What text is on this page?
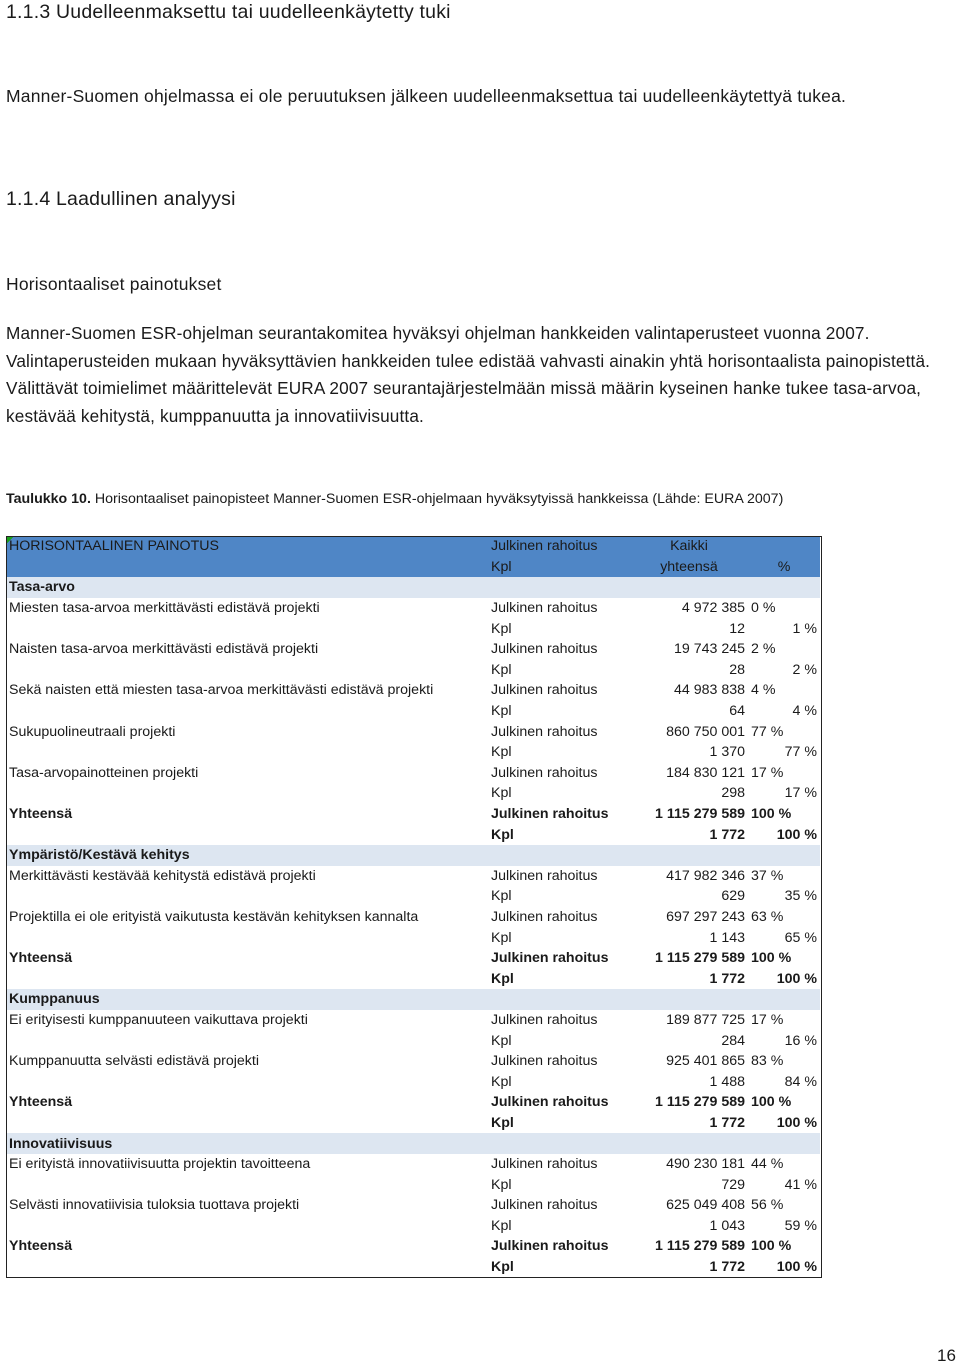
1.1.3 Uudelleenmaksettu tai uudelleenkäytetty tuki
Manner-Suomen ohjelmassa ei ole peruutuksen jälkeen uudelleenmaksettua tai uudelleenkäytettyä tukea.
1.1.4 Laadullinen analyysi
Horisontaaliset painotukset
Manner-Suomen ESR-ohjelman seurantakomitea hyväksyi ohjelman hankkeiden valintaperusteet vuonna 2007. Valintaperusteiden mukaan hyväksyttävien hankkeiden tulee edistää vahvasti ainakin yhtä horisontaalista painopistettä. Välittävät toimielimet määrittelevät EURA 2007 seurantajärjestelmään missä määrin kyseinen hanke tukee tasa-arvoa, kestävää kehitystä, kumppanuutta ja innovatiivisuutta.
Taulukko 10. Horisontaaliset painopisteet Manner-Suomen ESR-ohjelmaan hyväksytyissä hankkeissa (Lähde: EURA 2007)
HORISONTAALINEN PAINOTUS	Julkinen rahoitus	Kaikki	
	Kpl	yhteensä	%
Tasa-arvo			
Miesten tasa-arvoa merkittävästi edistävä projekti	Julkinen rahoitus	4 972 385	0 %
	Kpl	12	1 %
Naisten tasa-arvoa merkittävästi edistävä projekti	Julkinen rahoitus	19 743 245	2 %
	Kpl	28	2 %
Sekä naisten että miesten tasa-arvoa merkittävästi edistävä projekti	Julkinen rahoitus	44 983 838	4 %
	Kpl	64	4 %
Sukupuolineutraali projekti	Julkinen rahoitus	860 750 001	77 %
	Kpl	1 370	77 %
Tasa-arvopainotteinen projekti	Julkinen rahoitus	184 830 121	17 %
	Kpl	298	17 %
Yhteensä	Julkinen rahoitus	1 115 279 589	100 %
	Kpl	1 772	100 %
Ympäristö/Kestävä kehitys			
Merkittävästi kestävää kehitystä edistävä projekti	Julkinen rahoitus	417 982 346	37 %
	Kpl	629	35 %
Projektilla ei ole erityistä vaikutusta kestävän kehityksen kannalta	Julkinen rahoitus	697 297 243	63 %
	Kpl	1 143	65 %
Yhteensä	Julkinen rahoitus	1 115 279 589	100 %
	Kpl	1 772	100 %
Kumppanuus			
Ei erityisesti kumppanuuteen vaikuttava projekti	Julkinen rahoitus	189 877 725	17 %
	Kpl	284	16 %
Kumppanuutta selvästi edistävä projekti	Julkinen rahoitus	925 401 865	83 %
	Kpl	1 488	84 %
Yhteensä	Julkinen rahoitus	1 115 279 589	100 %
	Kpl	1 772	100 %
Innovatiivisuus			
Ei erityistä innovatiivisuutta projektin tavoitteena	Julkinen rahoitus	490 230 181	44 %
	Kpl	729	41 %
Selvästi innovatiivisia tuloksia tuottava projekti	Julkinen rahoitus	625 049 408	56 %
	Kpl	1 043	59 %
Yhteensä	Julkinen rahoitus	1 115 279 589	100 %
	Kpl	1 772	100 %
16
